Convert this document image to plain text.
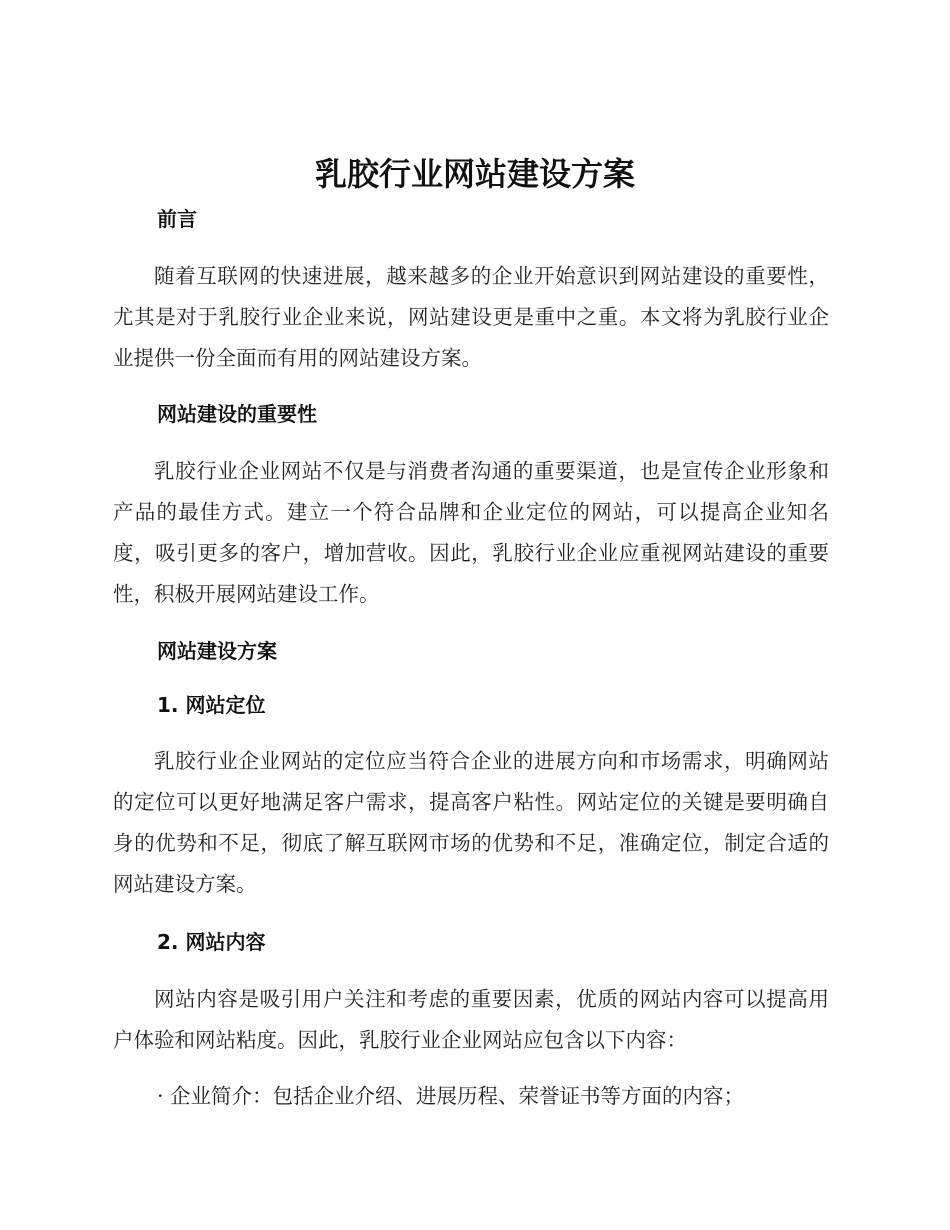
乳胶行业网站建设方案
前言

随着互联网的快速进展，越来越多的企业开始意识到网站建设的重要性，尤其是对于乳胶行业企业来说，网站建设更是重中之重。本文将为乳胶行业企业提供一份全面而有用的网站建设方案。

网站建设的重要性

乳胶行业企业网站不仅是与消费者沟通的重要渠道，也是宣传企业形象和产品的最佳方式。建立一个符合品牌和企业定位的网站，可以提高企业知名度，吸引更多的客户，增加营收。因此，乳胶行业企业应重视网站建设的重要性，积极开展网站建设工作。

网站建设方案
1. 网站定位

乳胶行业企业网站的定位应当符合企业的进展方向和市场需求，明确网站的定位可以更好地满足客户需求，提高客户粘性。网站定位的关键是要明确自身的优势和不足，彻底了解互联网市场的优势和不足，准确定位，制定合适的网站建设方案。

2. 网站内容

网站内容是吸引用户关注和考虑的重要因素，优质的网站内容可以提高用户体验和网站粘度。因此，乳胶行业企业网站应包含以下内容：

· 企业简介：包括企业介绍、进展历程、荣誉证书等方面的内容；
